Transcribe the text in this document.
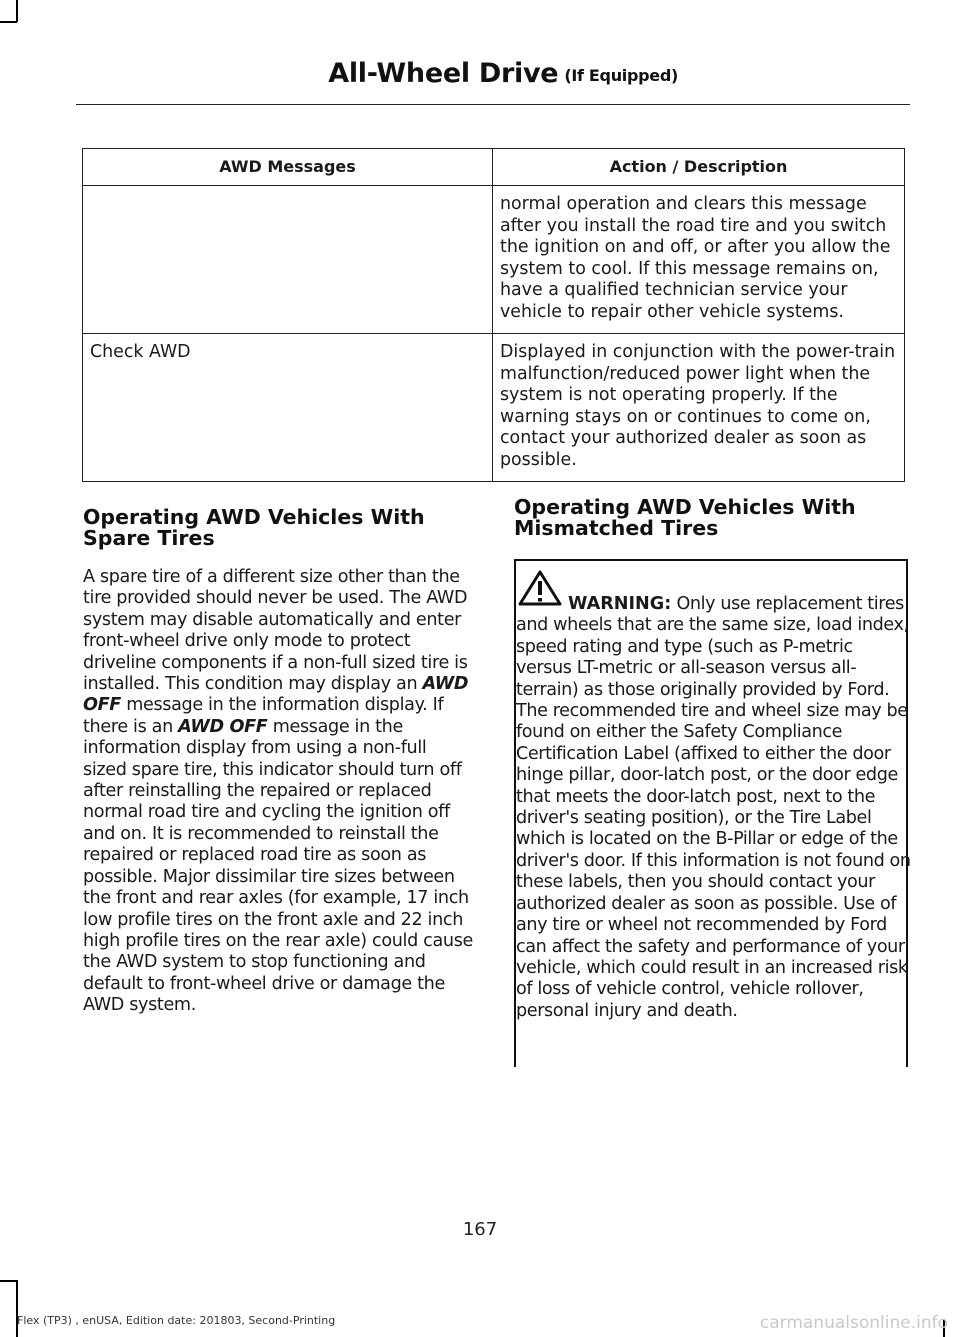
All-Wheel Drive (If Equipped)
AWD Messages	Action / Description
	normal operation and clears this message after you install the road tire and you switch the ignition on and off, or after you allow the system to cool. If this message remains on, have a qualified technician service your vehicle to repair other vehicle systems.
Check AWD	Displayed in conjunction with the power-train malfunction/reduced power light when the system is not operating properly. If the warning stays on or continues to come on, contact your authorized dealer as soon as possible.
Operating AWD Vehicles With Spare Tires

A spare tire of a different size other than the tire provided should never be used. The AWD system may disable automatically and enter front-wheel drive only mode to protect driveline components if a non-full sized tire is installed. This condition may display an AWD OFF message in the information display. If there is an AWD OFF message in the information display from using a non-full sized spare tire, this indicator should turn off after reinstalling the repaired or replaced normal road tire and cycling the ignition off and on. It is recommended to reinstall the repaired or replaced road tire as soon as possible. Major dissimilar tire sizes between the front and rear axles (for example, 17 inch low profile tires on the front axle and 22 inch high profile tires on the rear axle) could cause the AWD system to stop functioning and default to front-wheel drive or damage the AWD system.

Operating AWD Vehicles With Mismatched Tires
WARNING: Only use replacement tires and wheels that are the same size, load index, speed rating and type (such as P-metric versus LT-metric or all-season versus all-terrain) as those originally provided by Ford. The recommended tire and wheel size may be found on either the Safety Compliance Certification Label (affixed to either the door hinge pillar, door-latch post, or the door edge that meets the door-latch post, next to the driver's seating position), or the Tire Label which is located on the B-Pillar or edge of the driver's door. If this information is not found on these labels, then you should contact your authorized dealer as soon as possible. Use of any tire or wheel not recommended by Ford can affect the safety and performance of your vehicle, which could result in an increased risk of loss of vehicle control, vehicle rollover, personal injury and death.
167
Flex (TP3) , enUSA, Edition date: 201803, Second-Printing	carmanualsonline.info
